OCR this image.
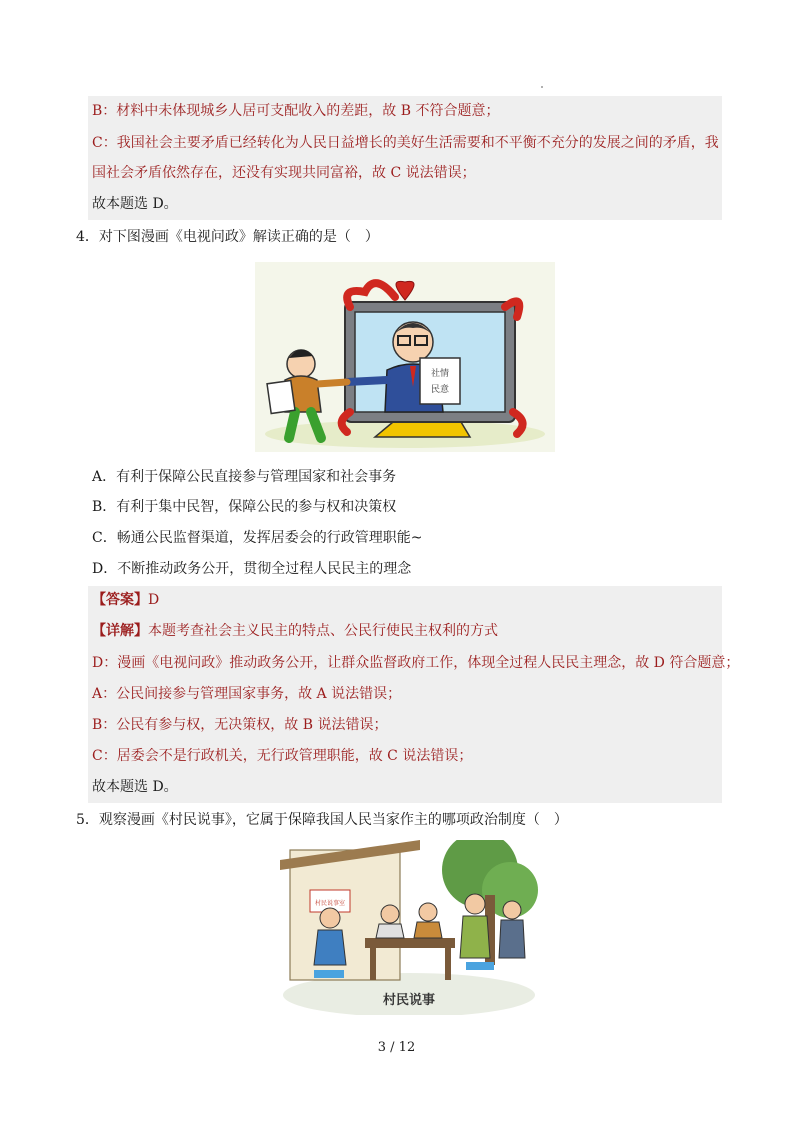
B：材料中未体现城乡人居可支配收入的差距，故 B 不符合题意；
C：我国社会主要矛盾已经转化为人民日益增长的美好生活需要和不平衡不充分的发展之间的矛盾，我
国社会矛盾依然存在，还没有实现共同富裕，故 C 说法错误；
故本题选 D。
4．对下图漫画《电视问政》解读正确的是（　）
社情
民意
A．有利于保障公民直接参与管理国家和社会事务
B．有利于集中民智，保障公民的参与权和决策权
C．畅通公民监督渠道，发挥居委会的行政管理职能~
D．不断推动政务公开，贯彻全过程人民民主的理念
【答案】D
【详解】本题考查社会主义民主的特点、公民行使民主权利的方式
D：漫画《电视问政》推动政务公开，让群众监督政府工作，体现全过程人民民主理念，故 D 符合题意；
A：公民间接参与管理国家事务，故 A 说法错误；
B：公民有参与权，无决策权，故 B 说法错误；
C：居委会不是行政机关，无行政管理职能，故 C 说法错误；
故本题选 D。
5．观察漫画《村民说事》，它属于保障我国人民当家作主的哪项政治制度（　）
村民说事室
村民说事
3 / 12
